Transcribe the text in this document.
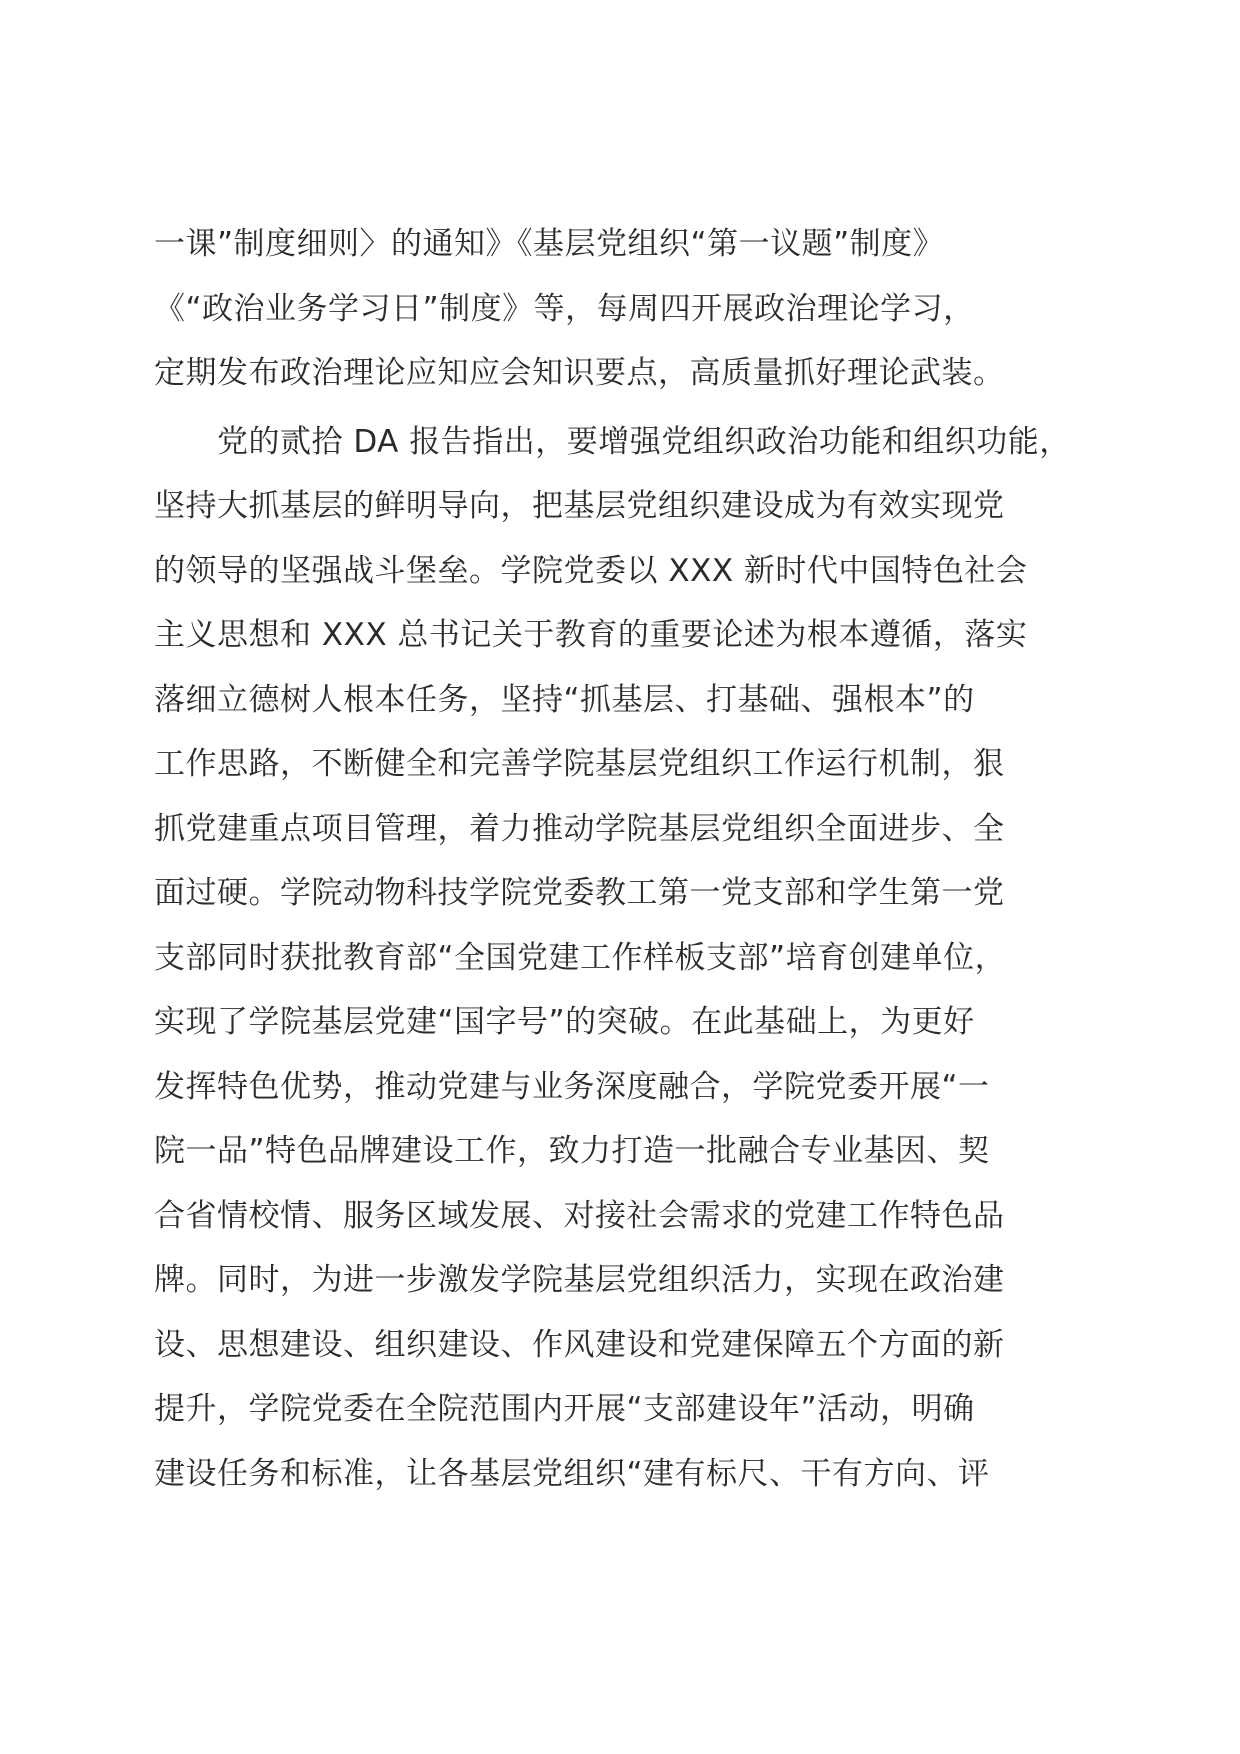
一课”制度细则〉的通知》《基层党组织“第一议题”制度》
《“政治业务学习日”制度》等，每周四开展政治理论学习，
定期发布政治理论应知应会知识要点，高质量抓好理论武装。
　　党的贰拾 DA 报告指出，要增强党组织政治功能和组织功能，
坚持大抓基层的鲜明导向，把基层党组织建设成为有效实现党
的领导的坚强战斗堡垒。学院党委以 XXX 新时代中国特色社会
主义思想和 XXX 总书记关于教育的重要论述为根本遵循，落实
落细立德树人根本任务，坚持“抓基层、打基础、强根本”的
工作思路，不断健全和完善学院基层党组织工作运行机制，狠
抓党建重点项目管理，着力推动学院基层党组织全面进步、全
面过硬。学院动物科技学院党委教工第一党支部和学生第一党
支部同时获批教育部“全国党建工作样板支部”培育创建单位，
实现了学院基层党建“国字号”的突破。在此基础上，为更好
发挥特色优势，推动党建与业务深度融合，学院党委开展“一
院一品”特色品牌建设工作，致力打造一批融合专业基因、契
合省情校情、服务区域发展、对接社会需求的党建工作特色品
牌。同时，为进一步激发学院基层党组织活力，实现在政治建
设、思想建设、组织建设、作风建设和党建保障五个方面的新
提升，学院党委在全院范围内开展“支部建设年”活动，明确
建设任务和标准，让各基层党组织“建有标尺、干有方向、评
